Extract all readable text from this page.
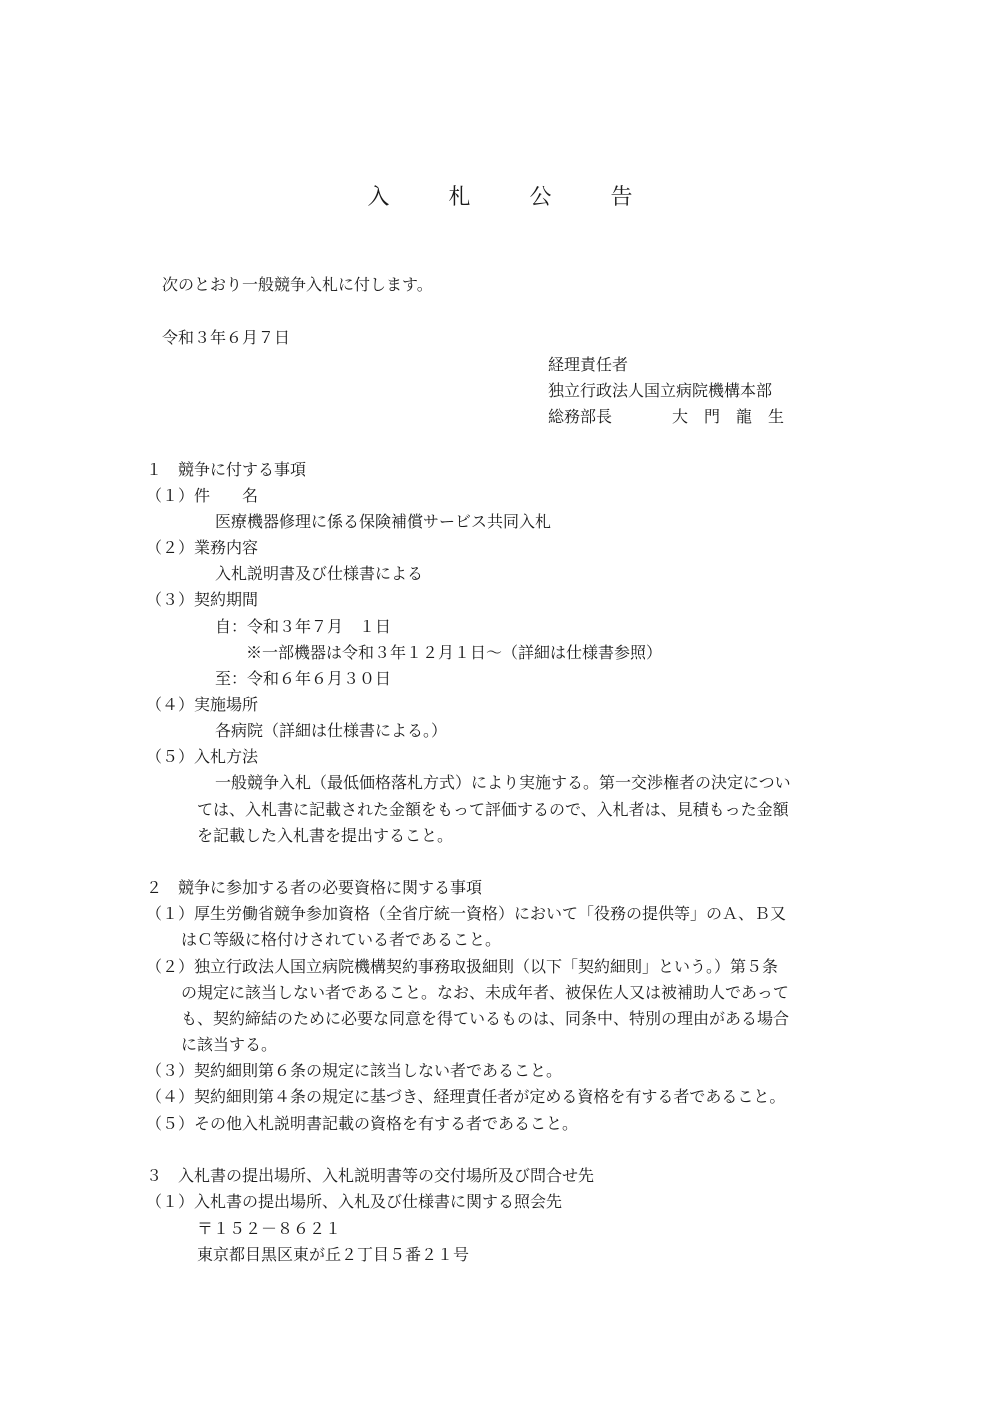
入 札 公 告
次のとおり一般競争入札に付します。
令和３年６月７日
経理責任者
独立行政法人国立病院機構本部
総務部長	大　門　龍　生
１　競争に付する事項
（１）件　　名
医療機器修理に係る保険補償サービス共同入札
（２）業務内容
入札説明書及び仕様書による
（３）契約期間
自：令和３年７月　１日
※一部機器は令和３年１２月１日～（詳細は仕様書参照）
至：令和６年６月３０日
（４）実施場所
各病院（詳細は仕様書による。）
（５）入札方法
一般競争入札（最低価格落札方式）により実施する。第一交渉権者の決定につい
ては、入札書に記載された金額をもって評価するので、入札者は、見積もった金額
を記載した入札書を提出すること。
２　競争に参加する者の必要資格に関する事項
（１）厚生労働省競争参加資格（全省庁統一資格）において「役務の提供等」のＡ、Ｂ又
はＣ等級に格付けされている者であること。
（２）独立行政法人国立病院機構契約事務取扱細則（以下「契約細則」という。）第５条
の規定に該当しない者であること。なお、未成年者、被保佐人又は被補助人であって
も、契約締結のために必要な同意を得ているものは、同条中、特別の理由がある場合
に該当する。
（３）契約細則第６条の規定に該当しない者であること。
（４）契約細則第４条の規定に基づき、経理責任者が定める資格を有する者であること。
（５）その他入札説明書記載の資格を有する者であること。
３　入札書の提出場所、入札説明書等の交付場所及び問合せ先
（１）入札書の提出場所、入札及び仕様書に関する照会先
〒１５２－８６２１
東京都目黒区東が丘２丁目５番２１号
